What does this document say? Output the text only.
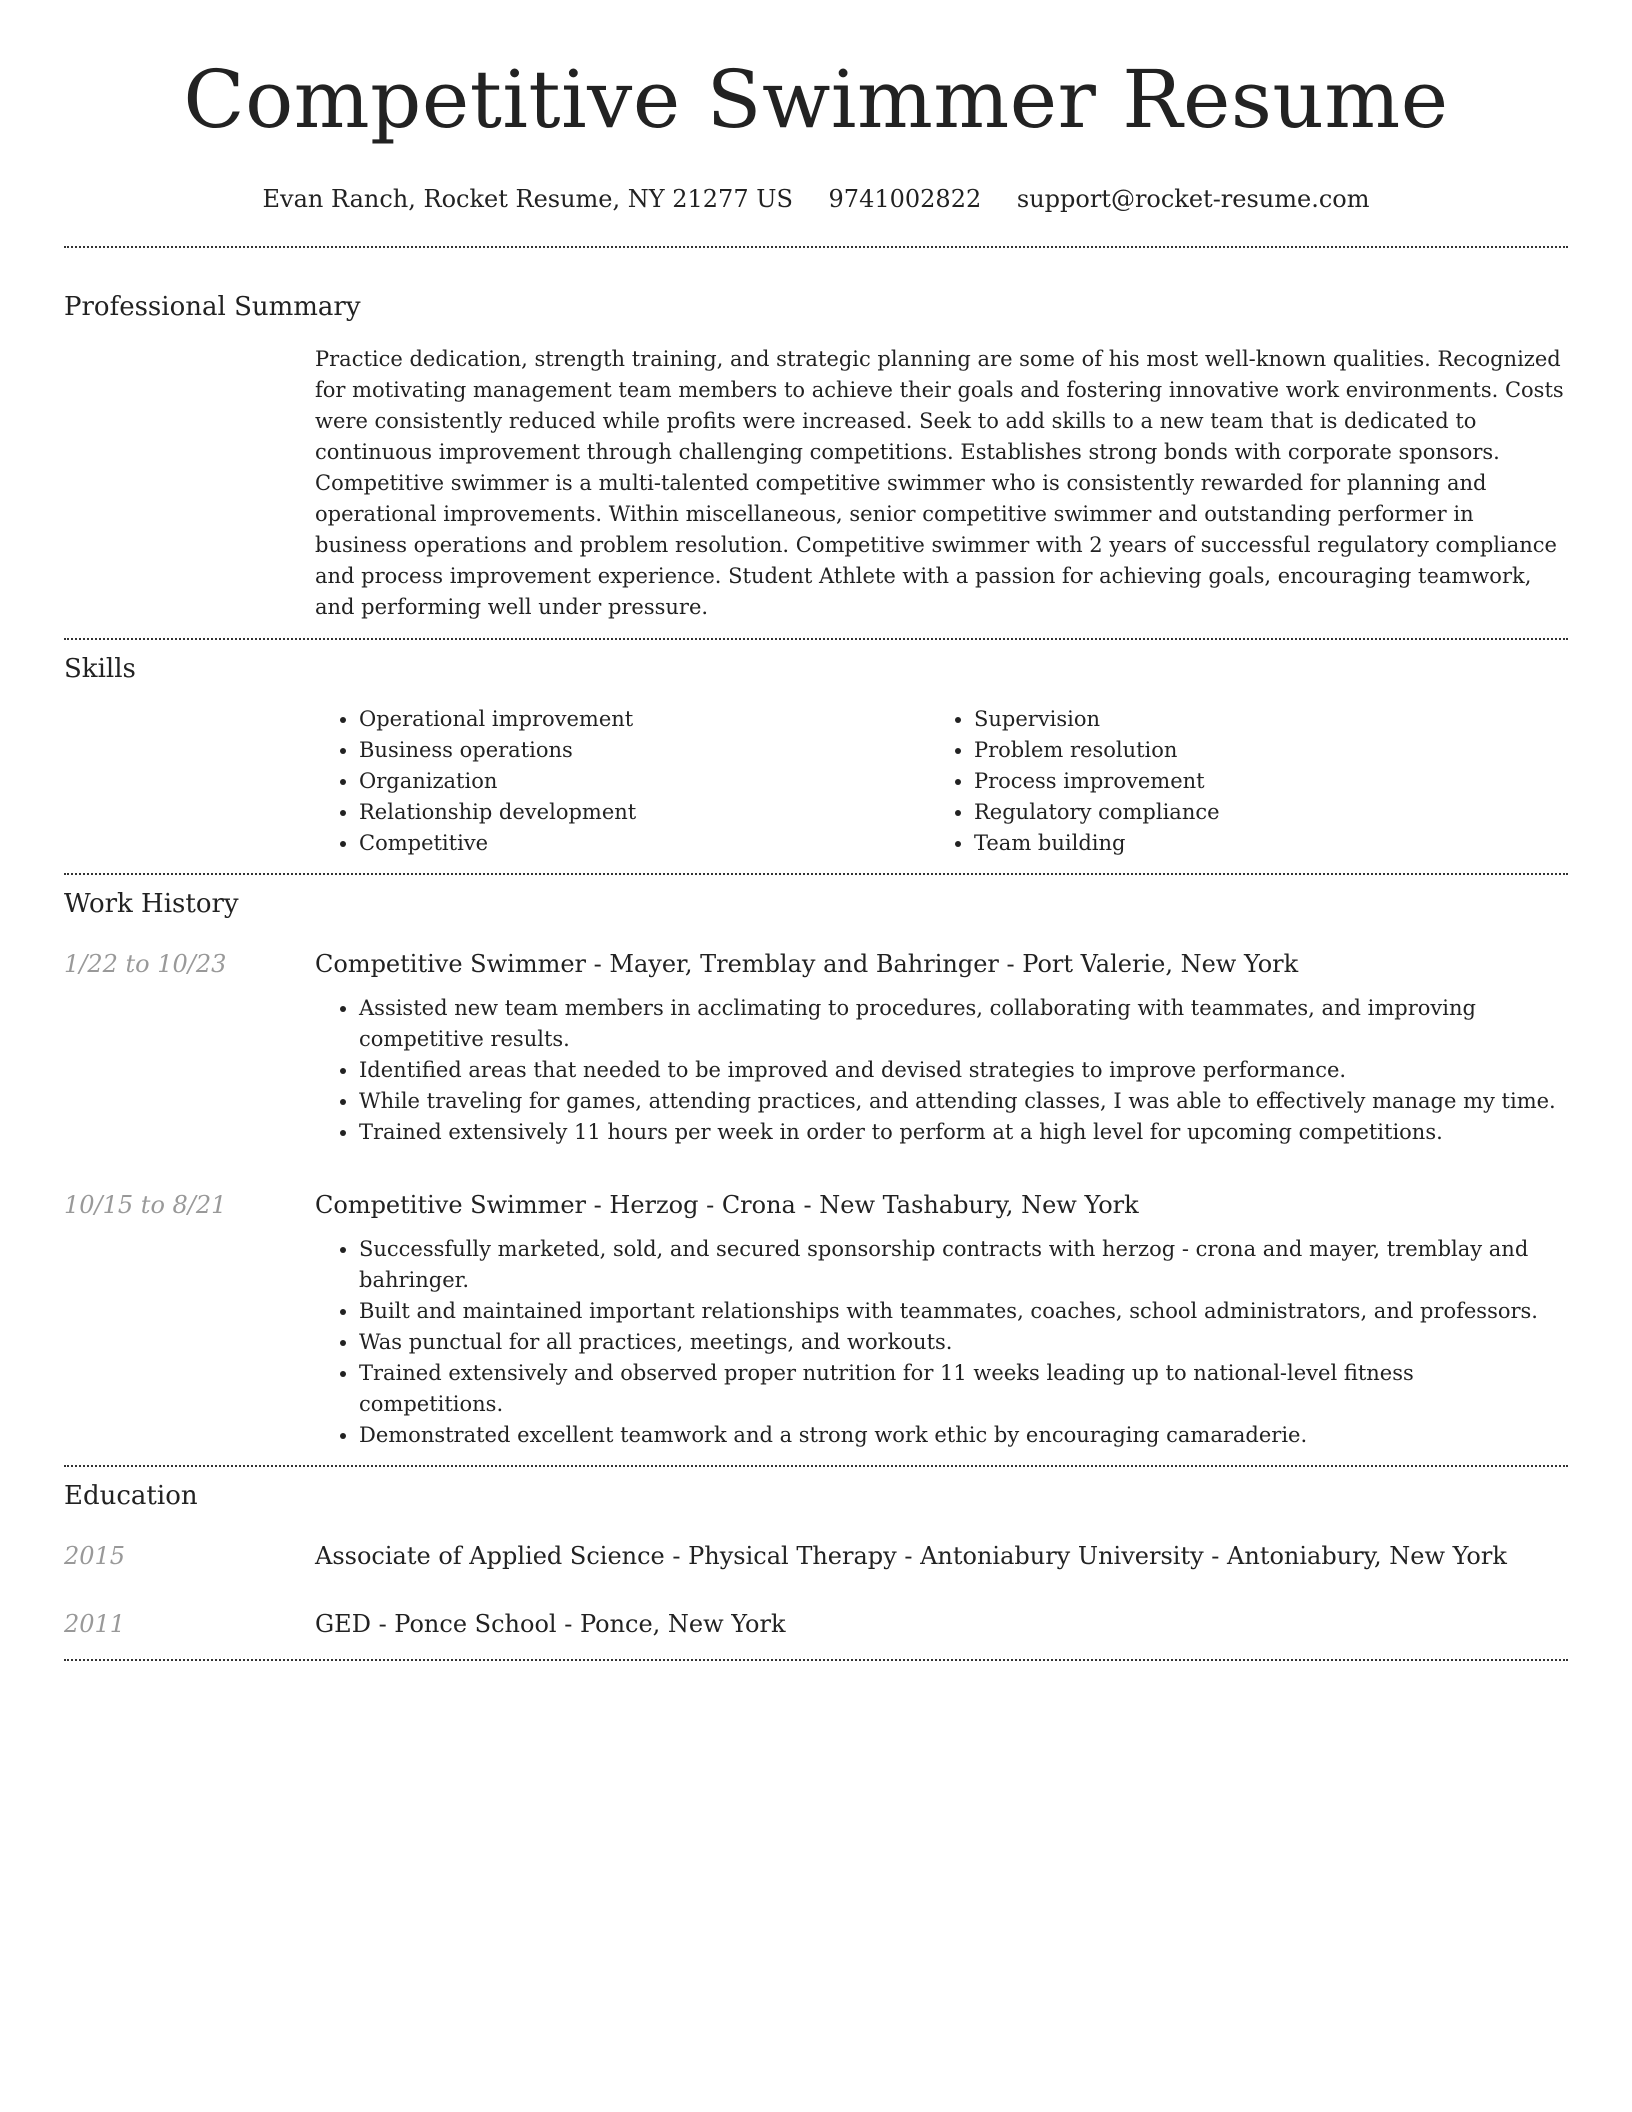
Competitive Swimmer Resume
Evan Ranch, Rocket Resume, NY 21277 US 9741002822 support@rocket-resume.com
Professional Summary

Practice dedication, strength training, and strategic planning are some of his most well-known qualities. Recognized for motivating management team members to achieve their goals and fostering innovative work environments. Costs were consistently reduced while profits were increased. Seek to add skills to a new team that is dedicated to continuous improvement through challenging competitions. Establishes strong bonds with corporate sponsors. Competitive swimmer is a multi-talented competitive swimmer who is consistently rewarded for planning and operational improvements. Within miscellaneous, senior competitive swimmer and outstanding performer in business operations and problem resolution. Competitive swimmer with 2 years of successful regulatory compliance and process improvement experience. Student Athlete with a passion for achieving goals, encouraging teamwork, and performing well under pressure.

Skills
• Operational improvement
• Business operations
• Organization
• Relationship development
• Competitive
• Supervision
• Problem resolution
• Process improvement
• Regulatory compliance
• Team building
Work History
1/22 to 10/23	Competitive Swimmer - Mayer, Tremblay and Bahringer - Port Valerie, New York
• Assisted new team members in acclimating to procedures, collaborating with teammates, and improving competitive results.
• Identified areas that needed to be improved and devised strategies to improve performance.
• While traveling for games, attending practices, and attending classes, I was able to effectively manage my time.
• Trained extensively 11 hours per week in order to perform at a high level for upcoming competitions.
10/15 to 8/21	Competitive Swimmer - Herzog - Crona - New Tashabury, New York
• Successfully marketed, sold, and secured sponsorship contracts with herzog - crona and mayer, tremblay and bahringer.
• Built and maintained important relationships with teammates, coaches, school administrators, and professors.
• Was punctual for all practices, meetings, and workouts.
• Trained extensively and observed proper nutrition for 11 weeks leading up to national-level fitness competitions.
• Demonstrated excellent teamwork and a strong work ethic by encouraging camaraderie.
Education
2015	Associate of Applied Science - Physical Therapy - Antoniabury University - Antoniabury, New York
2011	GED - Ponce School - Ponce, New York
